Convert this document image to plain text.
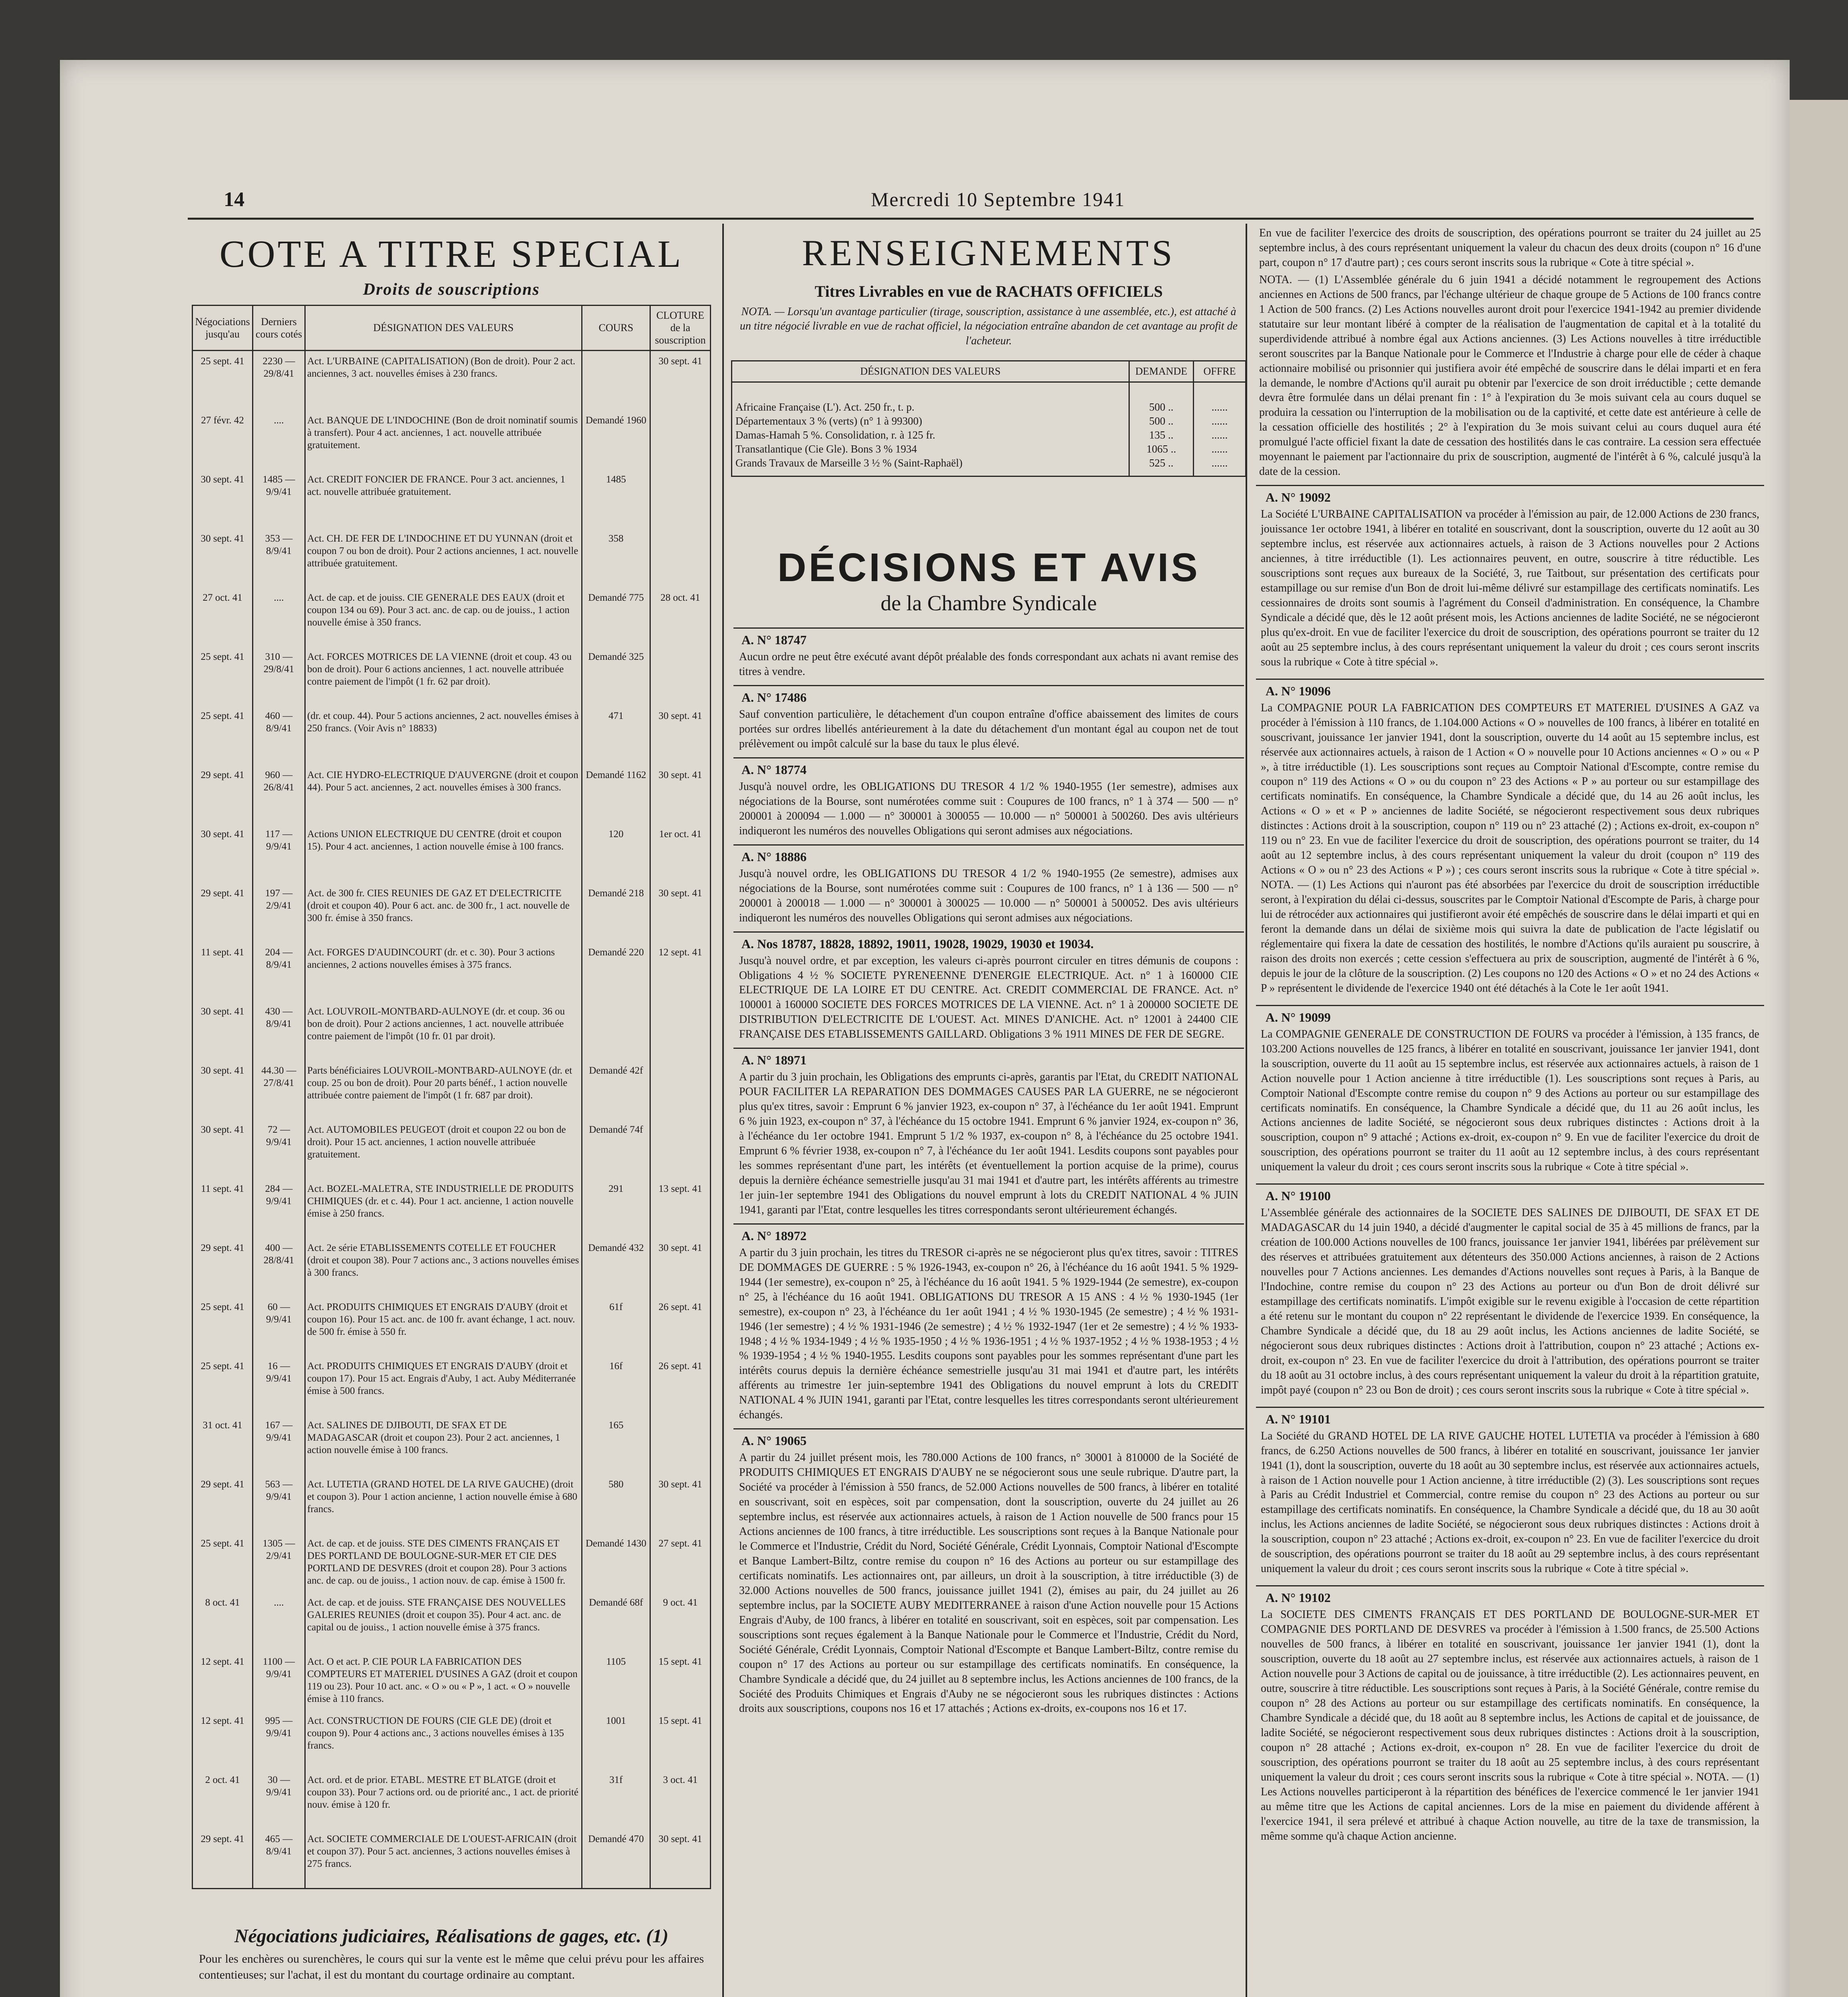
14	Mercredi 10 Septembre 1941
COTE A TITRE SPECIAL
Droits de souscriptions
Négociations jusqu'au	Derniers cours cotés	DÉSIGNATION DES VALEURS	COURS	CLOTURE de la souscription
25 sept. 41	2230 — 29/8/41	Act. L'URBAINE (CAPITALISATION) (Bon de droit). Pour 2 act. anciennes, 3 act. nouvelles émises à 230 francs.		30 sept. 41
27 févr. 42	....	Act. BANQUE DE L'INDOCHINE (Bon de droit nominatif soumis à transfert). Pour 4 act. anciennes, 1 act. nouvelle attribuée gratuitement.	Demandé 1960	
30 sept. 41	1485 — 9/9/41	Act. CREDIT FONCIER DE FRANCE. Pour 3 act. anciennes, 1 act. nouvelle attribuée gratuitement.	1485	
30 sept. 41	353 — 8/9/41	Act. CH. DE FER DE L'INDOCHINE ET DU YUNNAN (droit et coupon 7 ou bon de droit). Pour 2 actions anciennes, 1 act. nouvelle attribuée gratuitement.	358	
27 oct. 41	....	Act. de cap. et de jouiss. CIE GENERALE DES EAUX (droit et coupon 134 ou 69). Pour 3 act. anc. de cap. ou de jouiss., 1 action nouvelle émise à 350 francs.	Demandé 775	28 oct. 41
25 sept. 41	310 — 29/8/41	Act. FORCES MOTRICES DE LA VIENNE (droit et coup. 43 ou bon de droit). Pour 6 actions anciennes, 1 act. nouvelle attribuée contre paiement de l'impôt (1 fr. 62 par droit).	Demandé 325	
25 sept. 41	460 — 8/9/41	(dr. et coup. 44). Pour 5 actions anciennes, 2 act. nouvelles émises à 250 francs. (Voir Avis n° 18833)	471	30 sept. 41
29 sept. 41	960 — 26/8/41	Act. CIE HYDRO-ELECTRIQUE D'AUVERGNE (droit et coupon 44). Pour 5 act. anciennes, 2 act. nouvelles émises à 300 francs.	Demandé 1162	30 sept. 41
30 sept. 41	117 — 9/9/41	Actions UNION ELECTRIQUE DU CENTRE (droit et coupon 15). Pour 4 act. anciennes, 1 action nouvelle émise à 100 francs.	120	1er oct. 41
29 sept. 41	197 — 2/9/41	Act. de 300 fr. CIES REUNIES DE GAZ ET D'ELECTRICITE (droit et coupon 40). Pour 6 act. anc. de 300 fr., 1 act. nouvelle de 300 fr. émise à 350 francs.	Demandé 218	30 sept. 41
11 sept. 41	204 — 8/9/41	Act. FORGES D'AUDINCOURT (dr. et c. 30). Pour 3 actions anciennes, 2 actions nouvelles émises à 375 francs.	Demandé 220	12 sept. 41
30 sept. 41	430 — 8/9/41	Act. LOUVROIL-MONTBARD-AULNOYE (dr. et coup. 36 ou bon de droit). Pour 2 actions anciennes, 1 act. nouvelle attribuée contre paiement de l'impôt (10 fr. 01 par droit).		
30 sept. 41	44.30 — 27/8/41	Parts bénéficiaires LOUVROIL-MONTBARD-AULNOYE (dr. et coup. 25 ou bon de droit). Pour 20 parts bénéf., 1 action nouvelle attribuée contre paiement de l'impôt (1 fr. 687 par droit).	Demandé 42f	
30 sept. 41	72 — 9/9/41	Act. AUTOMOBILES PEUGEOT (droit et coupon 22 ou bon de droit). Pour 15 act. anciennes, 1 action nouvelle attribuée gratuitement.	Demandé 74f	
11 sept. 41	284 — 9/9/41	Act. BOZEL-MALETRA, STE INDUSTRIELLE DE PRODUITS CHIMIQUES (dr. et c. 44). Pour 1 act. ancienne, 1 action nouvelle émise à 250 francs.	291	13 sept. 41
29 sept. 41	400 — 28/8/41	Act. 2e série ETABLISSEMENTS COTELLE ET FOUCHER (droit et coupon 38). Pour 7 actions anc., 3 actions nouvelles émises à 300 francs.	Demandé 432	30 sept. 41
25 sept. 41	60 — 9/9/41	Act. PRODUITS CHIMIQUES ET ENGRAIS D'AUBY (droit et coupon 16). Pour 15 act. anc. de 100 fr. avant échange, 1 act. nouv. de 500 fr. émise à 550 fr.	61f	26 sept. 41
25 sept. 41	16 — 9/9/41	Act. PRODUITS CHIMIQUES ET ENGRAIS D'AUBY (droit et coupon 17). Pour 15 act. Engrais d'Auby, 1 act. Auby Méditerranée émise à 500 francs.	16f	26 sept. 41
31 oct. 41	167 — 9/9/41	Act. SALINES DE DJIBOUTI, DE SFAX ET DE MADAGASCAR (droit et coupon 23). Pour 2 act. anciennes, 1 action nouvelle émise à 100 francs.	165	
29 sept. 41	563 — 9/9/41	Act. LUTETIA (GRAND HOTEL DE LA RIVE GAUCHE) (droit et coupon 3). Pour 1 action ancienne, 1 action nouvelle émise à 680 francs.	580	30 sept. 41
25 sept. 41	1305 — 2/9/41	Act. de cap. et de jouiss. STE DES CIMENTS FRANÇAIS ET DES PORTLAND DE BOULOGNE-SUR-MER ET CIE DES PORTLAND DE DESVRES (droit et coupon 28). Pour 3 actions anc. de cap. ou de jouiss., 1 action nouv. de cap. émise à 1500 fr.	Demandé 1430	27 sept. 41
8 oct. 41	....	Act. de cap. et de jouiss. STE FRANÇAISE DES NOUVELLES GALERIES REUNIES (droit et coupon 35). Pour 4 act. anc. de capital ou de jouiss., 1 action nouvelle émise à 375 francs.	Demandé 68f	9 oct. 41
12 sept. 41	1100 — 9/9/41	Act. O et act. P. CIE POUR LA FABRICATION DES COMPTEURS ET MATERIEL D'USINES A GAZ (droit et coupon 119 ou 23). Pour 10 act. anc. « O » ou « P », 1 act. « O » nouvelle émise à 110 francs.	1105	15 sept. 41
12 sept. 41	995 — 9/9/41	Act. CONSTRUCTION DE FOURS (CIE GLE DE) (droit et coupon 9). Pour 4 actions anc., 3 actions nouvelles émises à 135 francs.	1001	15 sept. 41
2 oct. 41	30 — 9/9/41	Act. ord. et de prior. ETABL. MESTRE ET BLATGE (droit et coupon 33). Pour 7 actions ord. ou de priorité anc., 1 act. de priorité nouv. émise à 120 fr.	31f	3 oct. 41
29 sept. 41	465 — 8/9/41	Act. SOCIETE COMMERCIALE DE L'OUEST-AFRICAIN (droit et coupon 37). Pour 5 act. anciennes, 3 actions nouvelles émises à 275 francs.	Demandé 470	30 sept. 41
Négociations judiciaires, Réalisations de gages, etc. (1)
Pour les enchères ou surenchères, le cours qui sur la vente est le même que celui prévu pour les affaires contentieuses; sur l'achat, il est du montant du courtage ordinaire au comptant.
RENSEIGNEMENTS
Titres Livrables en vue de RACHATS OFFICIELS
NOTA. — Lorsqu'un avantage particulier (tirage, souscription, assistance à une assemblée, etc.), est attaché à un titre négocié livrable en vue de rachat officiel, la négociation entraîne abandon de cet avantage au profit de l'acheteur.
DÉSIGNATION DES VALEURS	DEMANDE	OFFRE

Africaine Française (L'). Act. 250 fr., t. p.	500 ..	......
Départementaux 3 % (verts) (n° 1 à 99300)	500 ..	......
Damas-Hamah 5 %. Consolidation, r. à 125 fr.	135 ..	......
Transatlantique (Cie Gle). Bons 3 % 1934	1065 ..	......
Grands Travaux de Marseille 3 ½ % (Saint-Raphaël)	525 ..	......
DÉCISIONS ET AVIS
de la Chambre Syndicale
A. N° 18747
Aucun ordre ne peut être exécuté avant dépôt préalable des fonds correspondant aux achats ni avant remise des titres à vendre.
A. N° 17486
Sauf convention particulière, le détachement d'un coupon entraîne d'office abaissement des limites de cours portées sur ordres libellés antérieurement à la date du détachement d'un montant égal au coupon net de tout prélèvement ou impôt calculé sur la base du taux le plus élevé.
A. N° 18774
Jusqu'à nouvel ordre, les OBLIGATIONS DU TRESOR 4 1/2 % 1940-1955 (1er semestre), admises aux négociations de la Bourse, sont numérotées comme suit : Coupures de 100 francs, n° 1 à 374 — 500 — n° 200001 à 200094 — 1.000 — n° 300001 à 300055 — 10.000 — n° 500001 à 500260. Des avis ultérieurs indiqueront les numéros des nouvelles Obligations qui seront admises aux négociations.
A. N° 18886
Jusqu'à nouvel ordre, les OBLIGATIONS DU TRESOR 4 1/2 % 1940-1955 (2e semestre), admises aux négociations de la Bourse, sont numérotées comme suit : Coupures de 100 francs, n° 1 à 136 — 500 — n° 200001 à 200018 — 1.000 — n° 300001 à 300025 — 10.000 — n° 500001 à 500052. Des avis ultérieurs indiqueront les numéros des nouvelles Obligations qui seront admises aux négociations.
A. Nos 18787, 18828, 18892, 19011, 19028, 19029, 19030 et 19034.
Jusqu'à nouvel ordre, et par exception, les valeurs ci-après pourront circuler en titres démunis de coupons : Obligations 4 ½ % SOCIETE PYRENEENNE D'ENERGIE ELECTRIQUE. Act. n° 1 à 160000 CIE ELECTRIQUE DE LA LOIRE ET DU CENTRE. Act. CREDIT COMMERCIAL DE FRANCE. Act. n° 100001 à 160000 SOCIETE DES FORCES MOTRICES DE LA VIENNE. Act. n° 1 à 200000 SOCIETE DE DISTRIBUTION D'ELECTRICITE DE L'OUEST. Act. MINES D'ANICHE. Act. n° 12001 à 24400 CIE FRANÇAISE DES ETABLISSEMENTS GAILLARD. Obligations 3 % 1911 MINES DE FER DE SEGRE.
A. N° 18971
A partir du 3 juin prochain, les Obligations des emprunts ci-après, garantis par l'Etat, du CREDIT NATIONAL POUR FACILITER LA REPARATION DES DOMMAGES CAUSES PAR LA GUERRE, ne se négocieront plus qu'ex titres, savoir : Emprunt 6 % janvier 1923, ex-coupon n° 37, à l'échéance du 1er août 1941. Emprunt 6 % juin 1923, ex-coupon n° 37, à l'échéance du 15 octobre 1941. Emprunt 6 % janvier 1924, ex-coupon n° 36, à l'échéance du 1er octobre 1941. Emprunt 5 1/2 % 1937, ex-coupon n° 8, à l'échéance du 25 octobre 1941. Emprunt 6 % février 1938, ex-coupon n° 7, à l'échéance du 1er août 1941. Lesdits coupons sont payables pour les sommes représentant d'une part, les intérêts (et éventuellement la portion acquise de la prime), courus depuis la dernière échéance semestrielle jusqu'au 31 mai 1941 et d'autre part, les intérêts afférents au trimestre 1er juin-1er septembre 1941 des Obligations du nouvel emprunt à lots du CREDIT NATIONAL 4 % JUIN 1941, garanti par l'Etat, contre lesquelles les titres correspondants seront ultérieurement échangés.
A. N° 18972
A partir du 3 juin prochain, les titres du TRESOR ci-après ne se négocieront plus qu'ex titres, savoir : TITRES DE DOMMAGES DE GUERRE : 5 % 1926-1943, ex-coupon n° 26, à l'échéance du 16 août 1941. 5 % 1929-1944 (1er semestre), ex-coupon n° 25, à l'échéance du 16 août 1941. 5 % 1929-1944 (2e semestre), ex-coupon n° 25, à l'échéance du 16 août 1941. OBLIGATIONS DU TRESOR A 15 ANS : 4 ½ % 1930-1945 (1er semestre), ex-coupon n° 23, à l'échéance du 1er août 1941 ; 4 ½ % 1930-1945 (2e semestre) ; 4 ½ % 1931-1946 (1er semestre) ; 4 ½ % 1931-1946 (2e semestre) ; 4 ½ % 1932-1947 (1er et 2e semestre) ; 4 ½ % 1933-1948 ; 4 ½ % 1934-1949 ; 4 ½ % 1935-1950 ; 4 ½ % 1936-1951 ; 4 ½ % 1937-1952 ; 4 ½ % 1938-1953 ; 4 ½ % 1939-1954 ; 4 ½ % 1940-1955. Lesdits coupons sont payables pour les sommes représentant d'une part les intérêts courus depuis la dernière échéance semestrielle jusqu'au 31 mai 1941 et d'autre part, les intérêts afférents au trimestre 1er juin-septembre 1941 des Obligations du nouvel emprunt à lots du CREDIT NATIONAL 4 % JUIN 1941, garanti par l'Etat, contre lesquelles les titres correspondants seront ultérieurement échangés.
A. N° 19065
A partir du 24 juillet présent mois, les 780.000 Actions de 100 francs, n° 30001 à 810000 de la Société de PRODUITS CHIMIQUES ET ENGRAIS D'AUBY ne se négocieront sous une seule rubrique. D'autre part, la Société va procéder à l'émission à 550 francs, de 52.000 Actions nouvelles de 500 francs, à libérer en totalité en souscrivant, soit en espèces, soit par compensation, dont la souscription, ouverte du 24 juillet au 26 septembre inclus, est réservée aux actionnaires actuels, à raison de 1 Action nouvelle de 500 francs pour 15 Actions anciennes de 100 francs, à titre irréductible. Les souscriptions sont reçues à la Banque Nationale pour le Commerce et l'Industrie, Crédit du Nord, Société Générale, Crédit Lyonnais, Comptoir National d'Escompte et Banque Lambert-Biltz, contre remise du coupon n° 16 des Actions au porteur ou sur estampillage des certificats nominatifs. Les actionnaires ont, par ailleurs, un droit à la souscription, à titre irréductible (3) de 32.000 Actions nouvelles de 500 francs, jouissance juillet 1941 (2), émises au pair, du 24 juillet au 26 septembre inclus, par la SOCIETE AUBY MEDITERRANEE à raison d'une Action nouvelle pour 15 Actions Engrais d'Auby, de 100 francs, à libérer en totalité en souscrivant, soit en espèces, soit par compensation. Les souscriptions sont reçues également à la Banque Nationale pour le Commerce et l'Industrie, Crédit du Nord, Société Générale, Crédit Lyonnais, Comptoir National d'Escompte et Banque Lambert-Biltz, contre remise du coupon n° 17 des Actions au porteur ou sur estampillage des certificats nominatifs. En conséquence, la Chambre Syndicale a décidé que, du 24 juillet au 8 septembre inclus, les Actions anciennes de 100 francs, de la Société des Produits Chimiques et Engrais d'Auby ne se négocieront sous les rubriques distinctes : Actions droits aux souscriptions, coupons nos 16 et 17 attachés ; Actions ex-droits, ex-coupons nos 16 et 17.
En vue de faciliter l'exercice des droits de souscription, des opérations pourront se traiter du 24 juillet au 25 septembre inclus, à des cours représentant uniquement la valeur du chacun des deux droits (coupon n° 16 d'une part, coupon n° 17 d'autre part) ; ces cours seront inscrits sous la rubrique « Cote à titre spécial ».
NOTA. — (1) L'Assemblée générale du 6 juin 1941 a décidé notamment le regroupement des Actions anciennes en Actions de 500 francs, par l'échange ultérieur de chaque groupe de 5 Actions de 100 francs contre 1 Action de 500 francs. (2) Les Actions nouvelles auront droit pour l'exercice 1941-1942 au premier dividende statutaire sur leur montant libéré à compter de la réalisation de l'augmentation de capital et à la totalité du superdividende attribué à nombre égal aux Actions anciennes. (3) Les Actions nouvelles à titre irréductible seront souscrites par la Banque Nationale pour le Commerce et l'Industrie à charge pour elle de céder à chaque actionnaire mobilisé ou prisonnier qui justifiera avoir été empêché de souscrire dans le délai imparti et en fera la demande, le nombre d'Actions qu'il aurait pu obtenir par l'exercice de son droit irréductible ; cette demande devra être formulée dans un délai prenant fin : 1° à l'expiration du 3e mois suivant cela au cours duquel se produira la cessation ou l'interruption de la mobilisation ou de la captivité, et cette date est antérieure à celle de la cessation officielle des hostilités ; 2° à l'expiration du 3e mois suivant celui au cours duquel aura été promulgué l'acte officiel fixant la date de cessation des hostilités dans le cas contraire. La cession sera effectuée moyennant le paiement par l'actionnaire du prix de souscription, augmenté de l'intérêt à 6 %, calculé jusqu'à la date de la cession.
A. N° 19092
La Société L'URBAINE CAPITALISATION va procéder à l'émission au pair, de 12.000 Actions de 230 francs, jouissance 1er octobre 1941, à libérer en totalité en souscrivant, dont la souscription, ouverte du 12 août au 30 septembre inclus, est réservée aux actionnaires actuels, à raison de 3 Actions nouvelles pour 2 Actions anciennes, à titre irréductible (1). Les actionnaires peuvent, en outre, souscrire à titre réductible. Les souscriptions sont reçues aux bureaux de la Société, 3, rue Taitbout, sur présentation des certificats pour estampillage ou sur remise d'un Bon de droit lui-même délivré sur estampillage des certificats nominatifs. Les cessionnaires de droits sont soumis à l'agrément du Conseil d'administration. En conséquence, la Chambre Syndicale a décidé que, dès le 12 août présent mois, les Actions anciennes de ladite Société, ne se négocieront plus qu'ex-droit. En vue de faciliter l'exercice du droit de souscription, des opérations pourront se traiter du 12 août au 25 septembre inclus, à des cours représentant uniquement la valeur du droit ; ces cours seront inscrits sous la rubrique « Cote à titre spécial ».
A. N° 19096
La COMPAGNIE POUR LA FABRICATION DES COMPTEURS ET MATERIEL D'USINES A GAZ va procéder à l'émission à 110 francs, de 1.104.000 Actions « O » nouvelles de 100 francs, à libérer en totalité en souscrivant, jouissance 1er janvier 1941, dont la souscription, ouverte du 14 août au 15 septembre inclus, est réservée aux actionnaires actuels, à raison de 1 Action « O » nouvelle pour 10 Actions anciennes « O » ou « P », à titre irréductible (1). Les souscriptions sont reçues au Comptoir National d'Escompte, contre remise du coupon n° 119 des Actions « O » ou du coupon n° 23 des Actions « P » au porteur ou sur estampillage des certificats nominatifs. En conséquence, la Chambre Syndicale a décidé que, du 14 au 26 août inclus, les Actions « O » et « P » anciennes de ladite Société, se négocieront respectivement sous deux rubriques distinctes : Actions droit à la souscription, coupon n° 119 ou n° 23 attaché (2) ; Actions ex-droit, ex-coupon n° 119 ou n° 23. En vue de faciliter l'exercice du droit de souscription, des opérations pourront se traiter, du 14 août au 12 septembre inclus, à des cours représentant uniquement la valeur du droit (coupon n° 119 des Actions « O » ou n° 23 des Actions « P ») ; ces cours seront inscrits sous la rubrique « Cote à titre spécial ». NOTA. — (1) Les Actions qui n'auront pas été absorbées par l'exercice du droit de souscription irréductible seront, à l'expiration du délai ci-dessus, souscrites par le Comptoir National d'Escompte de Paris, à charge pour lui de rétrocéder aux actionnaires qui justifieront avoir été empêchés de souscrire dans le délai imparti et qui en feront la demande dans un délai de sixième mois qui suivra la date de publication de l'acte législatif ou réglementaire qui fixera la date de cessation des hostilités, le nombre d'Actions qu'ils auraient pu souscrire, à raison des droits non exercés ; cette cession s'effectuera au prix de souscription, augmenté de l'intérêt à 6 %, depuis le jour de la clôture de la souscription. (2) Les coupons no 120 des Actions « O » et no 24 des Actions « P » représentent le dividende de l'exercice 1940 ont été détachés à la Cote le 1er août 1941.
A. N° 19099
La COMPAGNIE GENERALE DE CONSTRUCTION DE FOURS va procéder à l'émission, à 135 francs, de 103.200 Actions nouvelles de 125 francs, à libérer en totalité en souscrivant, jouissance 1er janvier 1941, dont la souscription, ouverte du 11 août au 15 septembre inclus, est réservée aux actionnaires actuels, à raison de 1 Action nouvelle pour 1 Action ancienne à titre irréductible (1). Les souscriptions sont reçues à Paris, au Comptoir National d'Escompte contre remise du coupon n° 9 des Actions au porteur ou sur estampillage des certificats nominatifs. En conséquence, la Chambre Syndicale a décidé que, du 11 au 26 août inclus, les Actions anciennes de ladite Société, se négocieront sous deux rubriques distinctes : Actions droit à la souscription, coupon n° 9 attaché ; Actions ex-droit, ex-coupon n° 9. En vue de faciliter l'exercice du droit de souscription, des opérations pourront se traiter du 11 août au 12 septembre inclus, à des cours représentant uniquement la valeur du droit ; ces cours seront inscrits sous la rubrique « Cote à titre spécial ».
A. N° 19100
L'Assemblée générale des actionnaires de la SOCIETE DES SALINES DE DJIBOUTI, DE SFAX ET DE MADAGASCAR du 14 juin 1940, a décidé d'augmenter le capital social de 35 à 45 millions de francs, par la création de 100.000 Actions nouvelles de 100 francs, jouissance 1er janvier 1941, libérées par prélèvement sur des réserves et attribuées gratuitement aux détenteurs des 350.000 Actions anciennes, à raison de 2 Actions nouvelles pour 7 Actions anciennes. Les demandes d'Actions nouvelles sont reçues à Paris, à la Banque de l'Indochine, contre remise du coupon n° 23 des Actions au porteur ou d'un Bon de droit délivré sur estampillage des certificats nominatifs. L'impôt exigible sur le revenu exigible à l'occasion de cette répartition a été retenu sur le montant du coupon n° 22 représentant le dividende de l'exercice 1939. En conséquence, la Chambre Syndicale a décidé que, du 18 au 29 août inclus, les Actions anciennes de ladite Société, se négocieront sous deux rubriques distinctes : Actions droit à l'attribution, coupon n° 23 attaché ; Actions ex-droit, ex-coupon n° 23. En vue de faciliter l'exercice du droit à l'attribution, des opérations pourront se traiter du 18 août au 31 octobre inclus, à des cours représentant uniquement la valeur du droit à la répartition gratuite, impôt payé (coupon n° 23 ou Bon de droit) ; ces cours seront inscrits sous la rubrique « Cote à titre spécial ».
A. N° 19101
La Société du GRAND HOTEL DE LA RIVE GAUCHE HOTEL LUTETIA va procéder à l'émission à 680 francs, de 6.250 Actions nouvelles de 500 francs, à libérer en totalité en souscrivant, jouissance 1er janvier 1941 (1), dont la souscription, ouverte du 18 août au 30 septembre inclus, est réservée aux actionnaires actuels, à raison de 1 Action nouvelle pour 1 Action ancienne, à titre irréductible (2) (3). Les souscriptions sont reçues à Paris au Crédit Industriel et Commercial, contre remise du coupon n° 23 des Actions au porteur ou sur estampillage des certificats nominatifs. En conséquence, la Chambre Syndicale a décidé que, du 18 au 30 août inclus, les Actions anciennes de ladite Société, se négocieront sous deux rubriques distinctes : Actions droit à la souscription, coupon n° 23 attaché ; Actions ex-droit, ex-coupon n° 23. En vue de faciliter l'exercice du droit de souscription, des opérations pourront se traiter du 18 août au 29 septembre inclus, à des cours représentant uniquement la valeur du droit ; ces cours seront inscrits sous la rubrique « Cote à titre spécial ».
A. N° 19102
La SOCIETE DES CIMENTS FRANÇAIS ET DES PORTLAND DE BOULOGNE-SUR-MER ET COMPAGNIE DES PORTLAND DE DESVRES va procéder à l'émission à 1.500 francs, de 25.500 Actions nouvelles de 500 francs, à libérer en totalité en souscrivant, jouissance 1er janvier 1941 (1), dont la souscription, ouverte du 18 août au 27 septembre inclus, est réservée aux actionnaires actuels, à raison de 1 Action nouvelle pour 3 Actions de capital ou de jouissance, à titre irréductible (2). Les actionnaires peuvent, en outre, souscrire à titre réductible. Les souscriptions sont reçues à Paris, à la Société Générale, contre remise du coupon n° 28 des Actions au porteur ou sur estampillage des certificats nominatifs. En conséquence, la Chambre Syndicale a décidé que, du 18 août au 8 septembre inclus, les Actions de capital et de jouissance, de ladite Société, se négocieront respectivement sous deux rubriques distinctes : Actions droit à la souscription, coupon n° 28 attaché ; Actions ex-droit, ex-coupon n° 28. En vue de faciliter l'exercice du droit de souscription, des opérations pourront se traiter du 18 août au 25 septembre inclus, à des cours représentant uniquement la valeur du droit ; ces cours seront inscrits sous la rubrique « Cote à titre spécial ». NOTA. — (1) Les Actions nouvelles participeront à la répartition des bénéfices de l'exercice commencé le 1er janvier 1941 au même titre que les Actions de capital anciennes. Lors de la mise en paiement du dividende afférent à l'exercice 1941, il sera prélevé et attribué à chaque Action nouvelle, au titre de la taxe de transmission, la même somme qu'à chaque Action ancienne.
